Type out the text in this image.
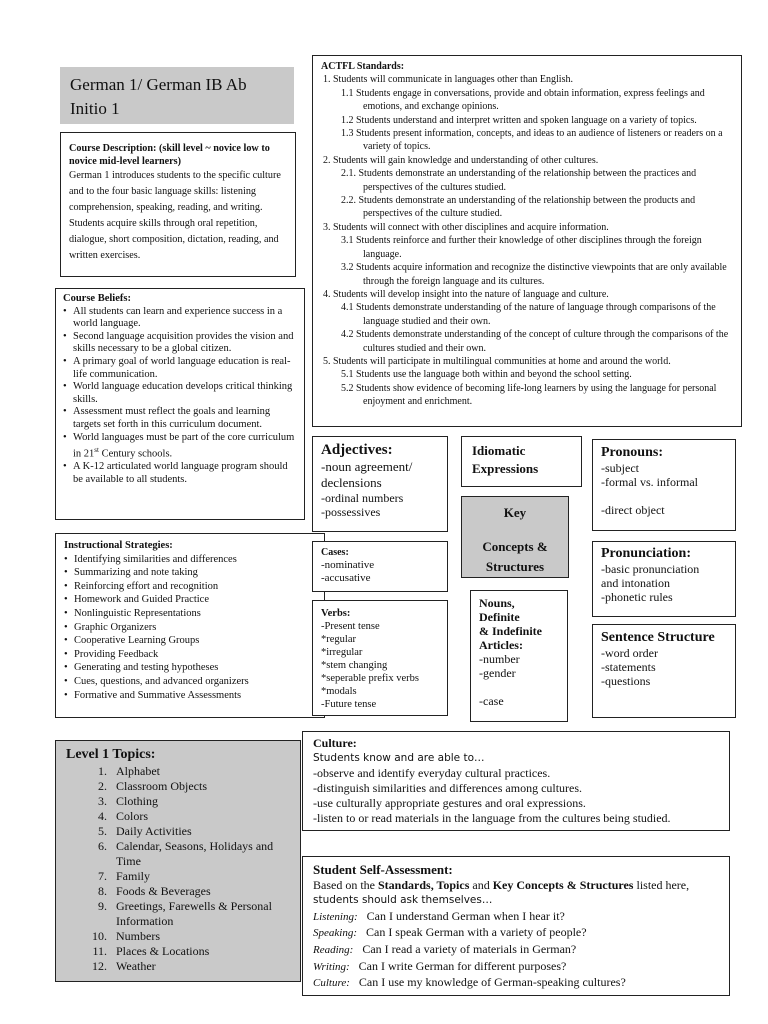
German 1/ German IB Ab
Initio 1
Course Description: (skill level ~ novice low to novice mid-level learners)
German 1 introduces students to the specific culture and to the four basic language skills: listening comprehension, speaking, reading, and writing. Students acquire skills through oral repetition, dialogue, short composition, dictation, reading, and written exercises.
Course Beliefs:
• All students can learn and experience success in a world language.
• Second language acquisition provides the vision and skills necessary to be a global citizen.
• A primary goal of world language education is real-life communication.
• World language education develops critical thinking skills.
• Assessment must reflect the goals and learning targets set forth in this curriculum document.
• World languages must be part of the core curriculum in 21st Century schools.
• A K-12 articulated world language program should be available to all students.
Instructional Strategies:
• Identifying similarities and differences
• Summarizing and note taking
• Reinforcing effort and recognition
• Homework and Guided Practice
• Nonlinguistic Representations
• Graphic Organizers
• Cooperative Learning Groups
• Providing Feedback
• Generating and testing hypotheses
• Cues, questions, and advanced organizers
• Formative and Summative Assessments
Level 1 Topics:
1. Alphabet
2. Classroom Objects
3. Clothing
4. Colors
5. Daily Activities
6. Calendar, Seasons, Holidays and Time
7. Family
8. Foods & Beverages
9. Greetings, Farewells & Personal Information
10. Numbers
11. Places & Locations
12. Weather
ACTFL Standards:
1. Students will communicate in languages other than English.
1.1 Students engage in conversations, provide and obtain information, express feelings and emotions, and exchange opinions.
1.2 Students understand and interpret written and spoken language on a variety of topics.
1.3 Students present information, concepts, and ideas to an audience of listeners or readers on a variety of topics.
2. Students will gain knowledge and understanding of other cultures.
2.1. Students demonstrate an understanding of the relationship between the practices and perspectives of the cultures studied.
2.2. Students demonstrate an understanding of the relationship between the products and perspectives of the culture studied.
3. Students will connect with other disciplines and acquire information.
3.1 Students reinforce and further their knowledge of other disciplines through the foreign language.
3.2 Students acquire information and recognize the distinctive viewpoints that are only available through the foreign language and its cultures.
4. Students will develop insight into the nature of language and culture.
4.1 Students demonstrate understanding of the nature of language through comparisons of the language studied and their own.
4.2 Students demonstrate understanding of the concept of culture through the comparisons of the cultures studied and their own.
5. Students will participate in multilingual communities at home and around the world.
5.1 Students use the language both within and beyond the school setting.
5.2 Students show evidence of becoming life-long learners by using the language for personal enjoyment and enrichment.
Adjectives:
-noun agreement/
declensions
-ordinal numbers
-possessives
Idiomatic
Expressions
Key
Concepts &
Structures
Pronouns:
-subject
-formal vs. informal
-direct object
Cases:
-nominative
-accusative
Nouns,
Definite
& Indefinite
Articles:
-number
-gender
-case
Pronunciation:
-basic pronunciation
and intonation
-phonetic rules
Verbs:
-Present tense
*regular
*irregular
*stem changing
*seperable prefix verbs
*modals
-Future tense
Sentence Structure
-word order
-statements
-questions
Culture:
Students know and are able to…
-observe and identify everyday cultural practices.
-distinguish similarities and differences among cultures.
-use culturally appropriate gestures and oral expressions.
-listen to or read materials in the language from the cultures being studied.
Student Self-Assessment:
Based on the Standards, Topics and Key Concepts & Structures listed here,
students should ask themselves…
Listening: Can I understand German when I hear it?
Speaking: Can I speak German with a variety of people?
Reading: Can I read a variety of materials in German?
Writing: Can I write German for different purposes?
Culture: Can I use my knowledge of German-speaking cultures?
